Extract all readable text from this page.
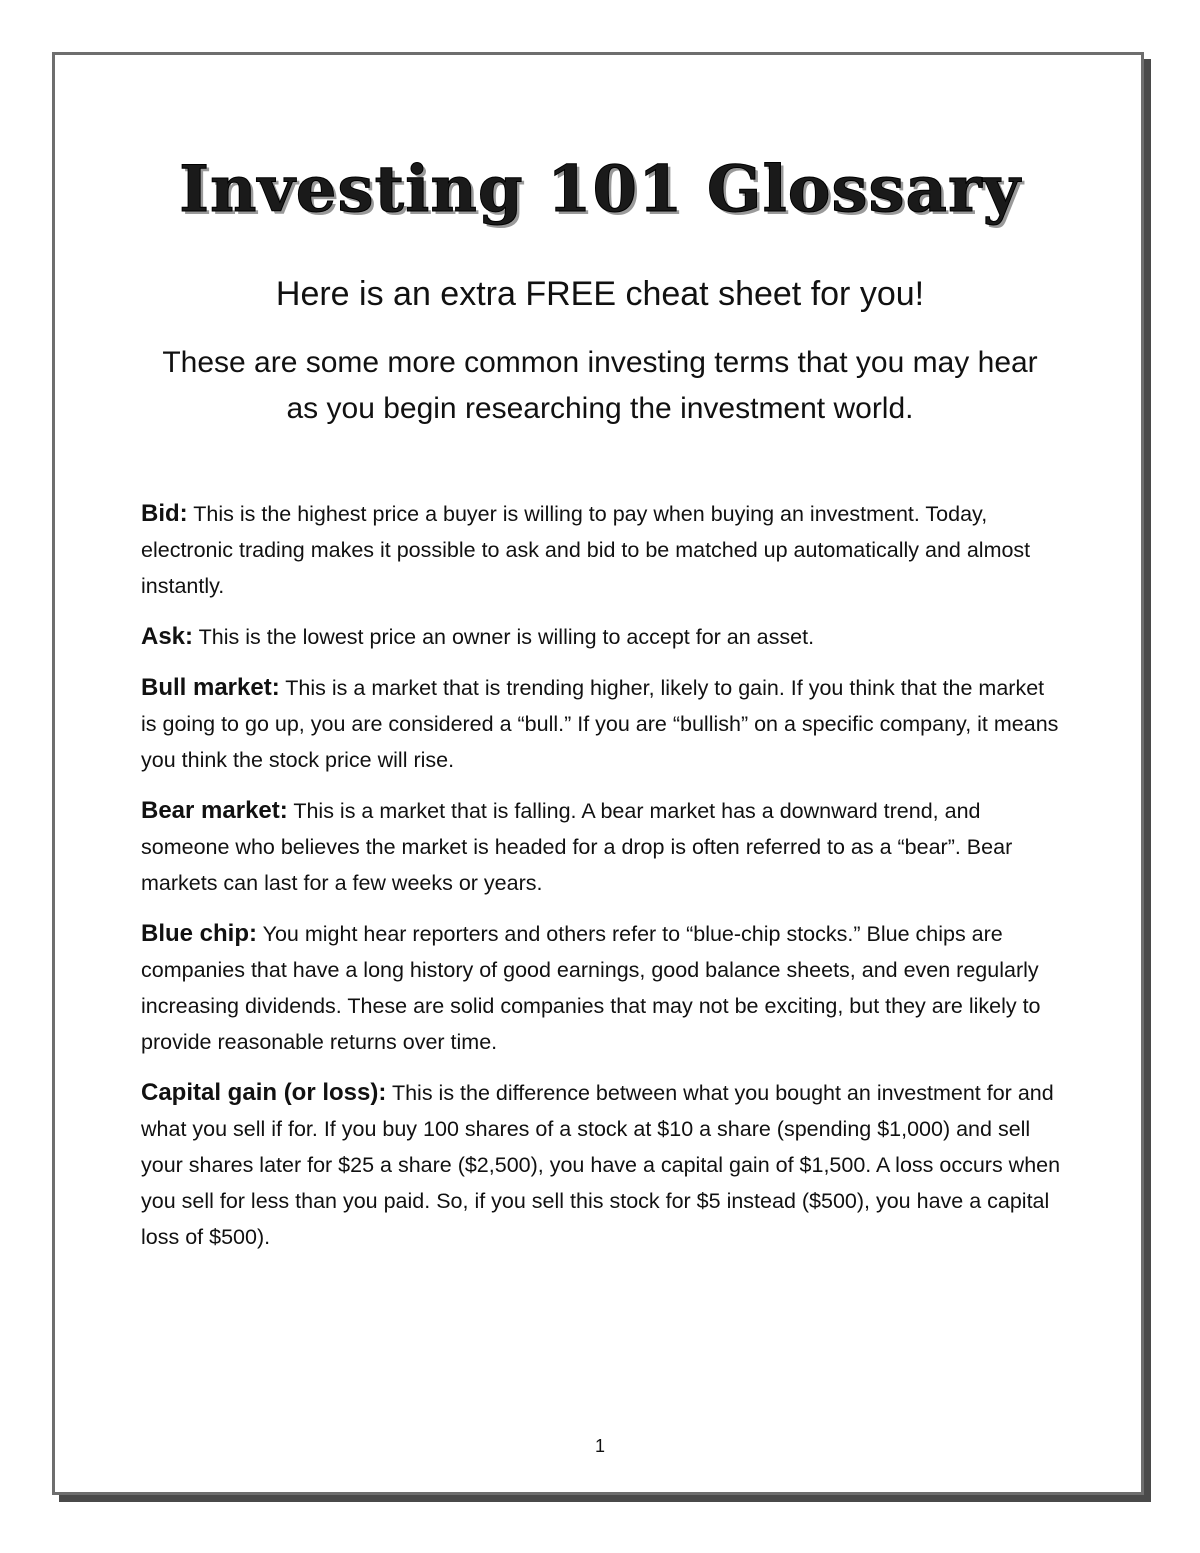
Investing 101 Glossary

Here is an extra FREE cheat sheet for you!

These are some more common investing terms that you may hear as you begin researching the investment world.

Bid: This is the highest price a buyer is willing to pay when buying an investment. Today, electronic trading makes it possible to ask and bid to be matched up automatically and almost instantly.

Ask: This is the lowest price an owner is willing to accept for an asset.

Bull market: This is a market that is trending higher, likely to gain. If you think that the market is going to go up, you are considered a “bull.” If you are “bullish” on a specific company, it means you think the stock price will rise.

Bear market: This is a market that is falling. A bear market has a downward trend, and someone who believes the market is headed for a drop is often referred to as a “bear”. Bear markets can last for a few weeks or years.

Blue chip: You might hear reporters and others refer to “blue-chip stocks.” Blue chips are companies that have a long history of good earnings, good balance sheets, and even regularly increasing dividends. These are solid companies that may not be exciting, but they are likely to provide reasonable returns over time.

Capital gain (or loss): This is the difference between what you bought an investment for and what you sell if for. If you buy 100 shares of a stock at $10 a share (spending $1,000) and sell your shares later for $25 a share ($2,500), you have a capital gain of $1,500. A loss occurs when you sell for less than you paid. So, if you sell this stock for $5 instead ($500), you have a capital loss of $500).

1
